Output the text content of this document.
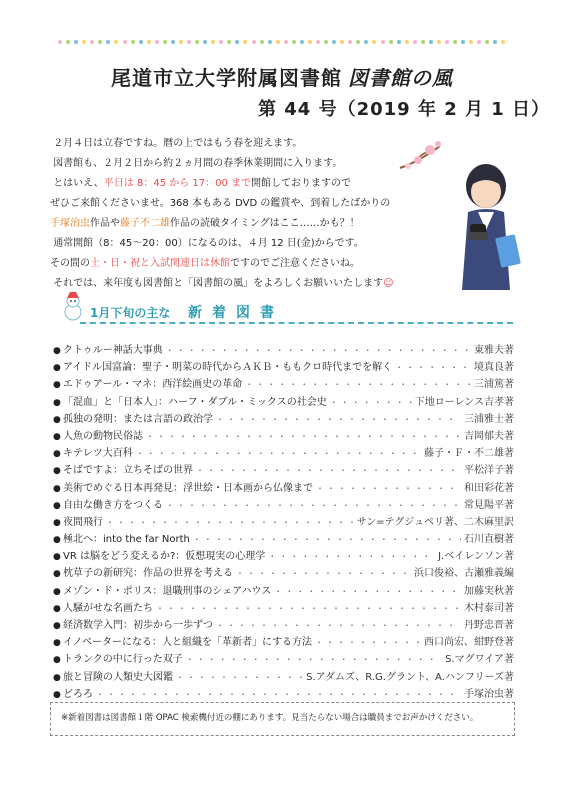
尾道市立大学附属図書館 図書館の風
第 44 号（2019 年 2 月 1 日）

２月４日は立春ですね。暦の上ではもう春を迎えます。

図書館も、２月２日から約２ヵ月間の春季休業期間に入ります。

とはいえ、平日は 8：45 から 17：00 まで開館しておりますので

ぜひご来館くださいませ。368 本もある DVD の鑑賞や、到着したばかりの

手塚治虫作品や藤子不二雄作品の読破タイミングはここ……かも？！

通常開館（8：45～20：00）になるのは、４月 12 日(金)からです。

その間の土・日・祝と入試関連日は休館ですのでご注意くださいね。

それでは、来年度も図書館と「図書館の風」をよろしくお願いいたします☺

1月下旬の主な 新着図書
● クトゥルー神話大事典 ・・・・・・・・・・・・・・・・・・・・・・・・・・・・・・・・・・・・・・・・・・・・・・・・・・・・・・・・・・・・	東雅夫著
● アイドル国富論：聖子・明菜の時代からＡＫＢ・ももクロ時代までを解く ・・・・・・・・・・・・・・・・・・・・・・・・・・・・・・・・・・・・・・・・・・・・・・・・・・・・・・・・・・・・	境真良著
● エドゥアール・マネ：西洋絵画史の革命 ・・・・・・・・・・・・・・・・・・・・・・・・・・・・・・・・・・・・・・・・・・・・・・・・・・・・・・・・・・・・	三浦篤著
● 「混血」と「日本人」：ハーフ・ダブル・ミックスの社会史 ・・・・・・・・・・・・・・・・・・・・・・・・・・・・・・・・・・・・・・・・・・・・・・・・・・・・・・・・・・・・	下地ローレンス吉孝著
● 孤独の発明：または言語の政治学 ・・・・・・・・・・・・・・・・・・・・・・・・・・・・・・・・・・・・・・・・・・・・・・・・・・・・・・・・・・・・	三浦雅士著
● 人魚の動物民俗誌 ・・・・・・・・・・・・・・・・・・・・・・・・・・・・・・・・・・・・・・・・・・・・・・・・・・・・・・・・・・・・	吉岡郁夫著
● キテレツ大百科 ・・・・・・・・・・・・・・・・・・・・・・・・・・・・・・・・・・・・・・・・・・・・・・・・・・・・・・・・・・・・	藤子・Ｆ・不二雄著
● そばですよ：立ちそばの世界 ・・・・・・・・・・・・・・・・・・・・・・・・・・・・・・・・・・・・・・・・・・・・・・・・・・・・・・・・・・・・	平松洋子著
● 美術でめぐる日本再発見：浮世絵・日本画から仏像まで ・・・・・・・・・・・・・・・・・・・・・・・・・・・・・・・・・・・・・・・・・・・・・・・・・・・・・・・・・・・・	和田彩花著
● 自由な働き方をつくる ・・・・・・・・・・・・・・・・・・・・・・・・・・・・・・・・・・・・・・・・・・・・・・・・・・・・・・・・・・・・	常見陽平著
● 夜間飛行 ・・・・・・・・・・・・・・・・・・・・・・・・・・・・・・・・・・・・・・・・・・・・・・・・・・・・・・・・・・・・	サン=テグジュペリ著、二木麻里訳
● 極北へ：into the far North ・・・・・・・・・・・・・・・・・・・・・・・・・・・・・・・・・・・・・・・・・・・・・・・・・・・・・・・・・・・・	石川直樹著
● VR は脳をどう変えるか?：仮想現実の心理学 ・・・・・・・・・・・・・・・・・・・・・・・・・・・・・・・・・・・・・・・・・・・・・・・・・・・・・・・・・・・・	J.ベイレンソン著
● 枕草子の新研究：作品の世界を考える ・・・・・・・・・・・・・・・・・・・・・・・・・・・・・・・・・・・・・・・・・・・・・・・・・・・・・・・・・・・・	浜口俊裕、古瀬雅義編
● メゾン・ド・ポリス：退職刑事のシェアハウス ・・・・・・・・・・・・・・・・・・・・・・・・・・・・・・・・・・・・・・・・・・・・・・・・・・・・・・・・・・・・	加藤実秋著
● 人騒がせな名画たち ・・・・・・・・・・・・・・・・・・・・・・・・・・・・・・・・・・・・・・・・・・・・・・・・・・・・・・・・・・・・	木村泰司著
● 経済数学入門：初歩から一歩ずつ ・・・・・・・・・・・・・・・・・・・・・・・・・・・・・・・・・・・・・・・・・・・・・・・・・・・・・・・・・・・・	丹野忠晋著
● イノベーターになる：人と組織を「革新者」にする方法 ・・・・・・・・・・・・・・・・・・・・・・・・・・・・・・・・・・・・・・・・・・・・・・・・・・・・・・・・・・・・	西口尚宏、紺野登著
● トランクの中に行った双子 ・・・・・・・・・・・・・・・・・・・・・・・・・・・・・・・・・・・・・・・・・・・・・・・・・・・・・・・・・・・・	S.マグワイア著
● 旅と冒険の人類史大図鑑 ・・・・・・・・・・・・・・・・・・・・・・・・・・・・・・・・・・・・・・・・・・・・・・・・・・・・・・・・・・・・	S.アダムズ、R.G.グラント、A.ハンフリーズ著
● どろろ ・・・・・・・・・・・・・・・・・・・・・・・・・・・・・・・・・・・・・・・・・・・・・・・・・・・・・・・・・・・・	手塚治虫著
※新着図書は図書館１階 OPAC 検索機付近の棚にあります。見当たらない場合は職員までお声かけください。
